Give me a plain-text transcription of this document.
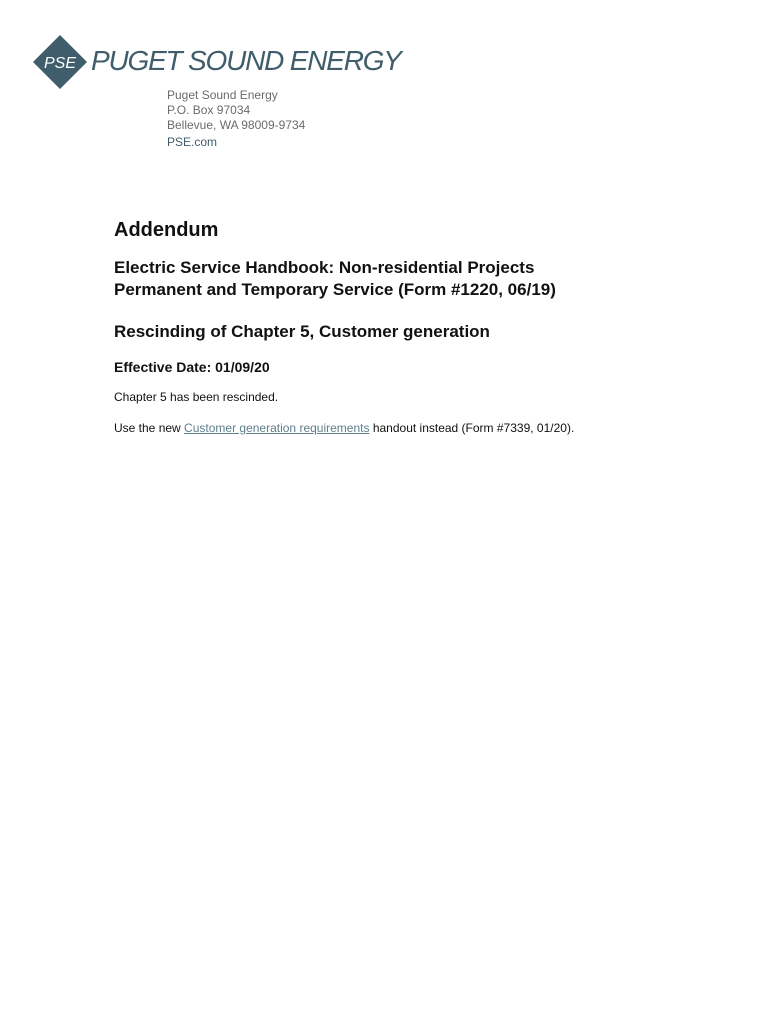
PSE PUGET SOUND ENERGY
Puget Sound Energy
P.O. Box 97034
Bellevue, WA 98009-9734
PSE.com
Addendum
Electric Service Handbook: Non-residential Projects
Permanent and Temporary Service (Form #1220, 06/19)
Rescinding of Chapter 5, Customer generation
Effective Date: 01/09/20

Chapter 5 has been rescinded.

Use the new Customer generation requirements handout instead (Form #7339, 01/20).
